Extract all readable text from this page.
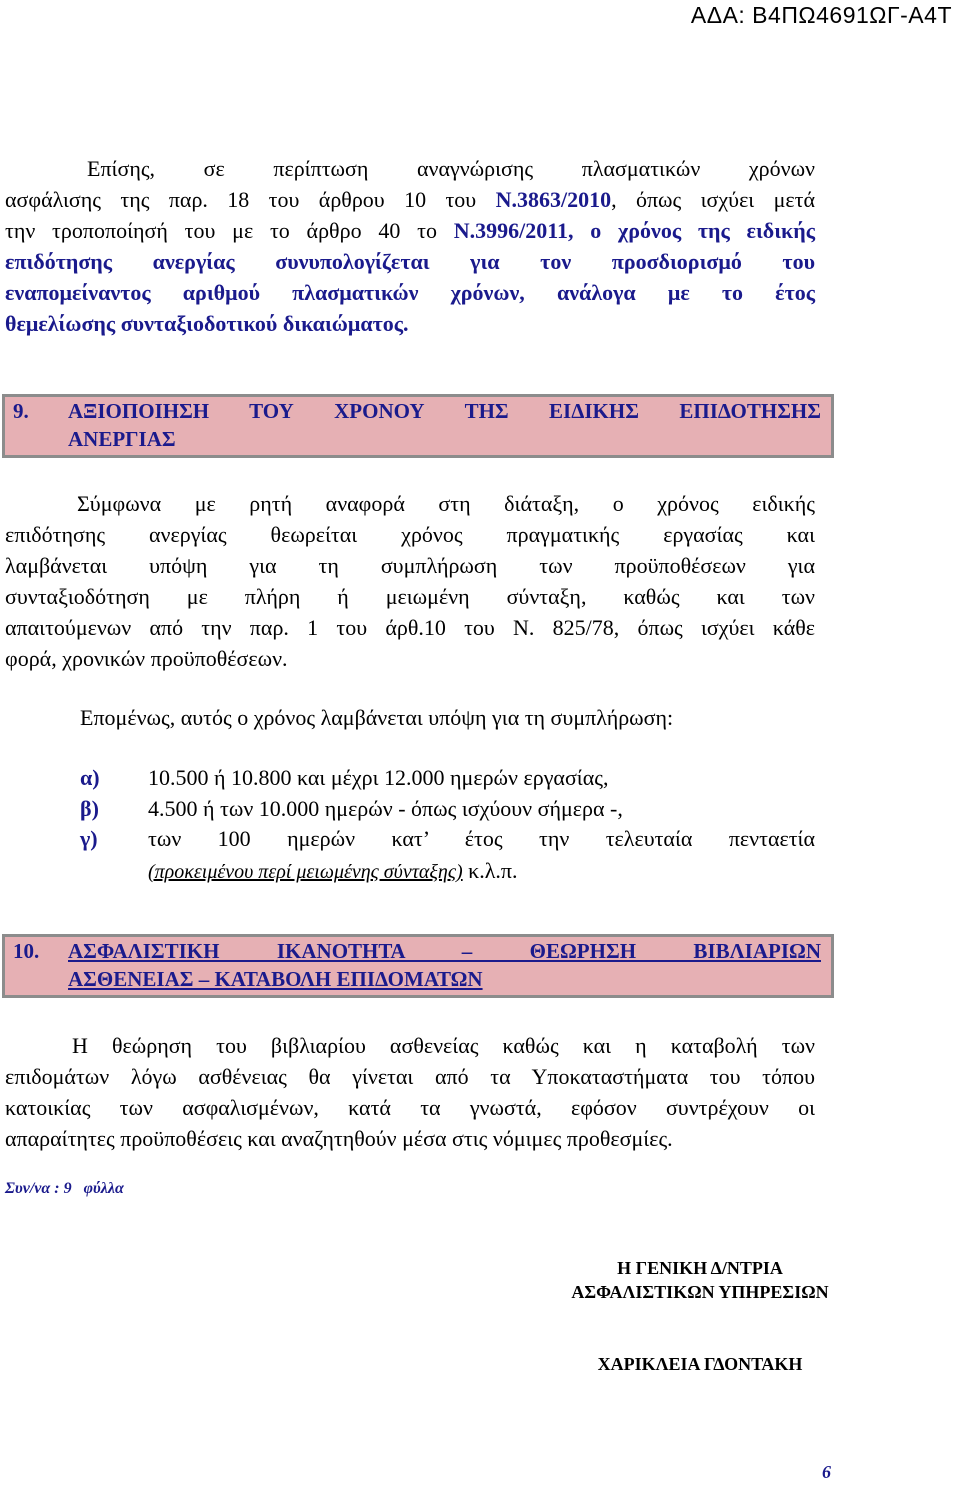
ΑΔΑ: Β4ΠΩ4691ΩΓ-Α4Τ
Επίσης, σε περίπτωση αναγνώρισης πλασματικών χρόνων
ασφάλισης της παρ. 18 του άρθρου 10 του Ν.3863/2010, όπως ισχύει μετά
την τροποποίησή του με το άρθρο 40 το Ν.3996/2011, ο χρόνος της ειδικής
επιδότησης ανεργίας συνυπολογίζεται για τον προσδιορισμό του
εναπομείναντος αριθμού πλασματικών χρόνων, ανάλογα με το έτος
θεμελίωσης συνταξιοδοτικού δικαιώματος.
9. ΑΞΙΟΠΟΙΗΣΗ ΤΟΥ ΧΡΟΝΟΥ ΤΗΣ ΕΙΔΙΚΗΣ ΕΠΙΔΟΤΗΣΗΣ
ΑΝΕΡΓΙΑΣ
Σύμφωνα με ρητή αναφορά στη διάταξη, ο χρόνος ειδικής
επιδότησης ανεργίας θεωρείται χρόνος πραγματικής εργασίας και
λαμβάνεται υπόψη για τη συμπλήρωση των προϋποθέσεων για
συνταξιοδότηση με πλήρη ή μειωμένη σύνταξη, καθώς και των
απαιτούμενων από την παρ. 1 του άρθ.10 του Ν. 825/78, όπως ισχύει κάθε
φορά, χρονικών προϋποθέσεων.
Επομένως, αυτός ο χρόνος λαμβάνεται υπόψη για τη συμπλήρωση:
α) 10.500 ή 10.800 και μέχρι 12.000 ημερών εργασίας,
β) 4.500 ή των 10.000 ημερών - όπως ισχύουν σήμερα -,
γ) των 100 ημερών κατ’ έτος την τελευταία πενταετία
(προκειμένου περί μειωμένης σύνταξης) κ.λ.π.
10. ΑΣΦΑΛΙΣΤΙΚΗ ΙΚΑΝΟΤΗΤΑ – ΘΕΩΡΗΣΗ ΒΙΒΛΙΑΡΙΩΝ
ΑΣΘΕΝΕΙΑΣ – ΚΑΤΑΒΟΛΗ ΕΠΙΔΟΜΑΤΩΝ
Η θεώρηση του βιβλιαρίου ασθενείας καθώς και η καταβολή των
επιδομάτων λόγω ασθένειας θα γίνεται από τα Υποκαταστήματα του τόπου
κατοικίας των ασφαλισμένων, κατά τα γνωστά, εφόσον συντρέχουν οι
απαραίτητες προϋποθέσεις και αναζητηθούν μέσα στις νόμιμες προθεσμίες.
Συν/να : 9   φύλλα
Η ΓΕΝΙΚΗ Δ/ΝΤΡΙΑ
ΑΣΦΑΛΙΣΤΙΚΩΝ ΥΠΗΡΕΣΙΩΝ
ΧΑΡΙΚΛΕΙΑ ΓΔΟΝΤΑΚΗ
6
